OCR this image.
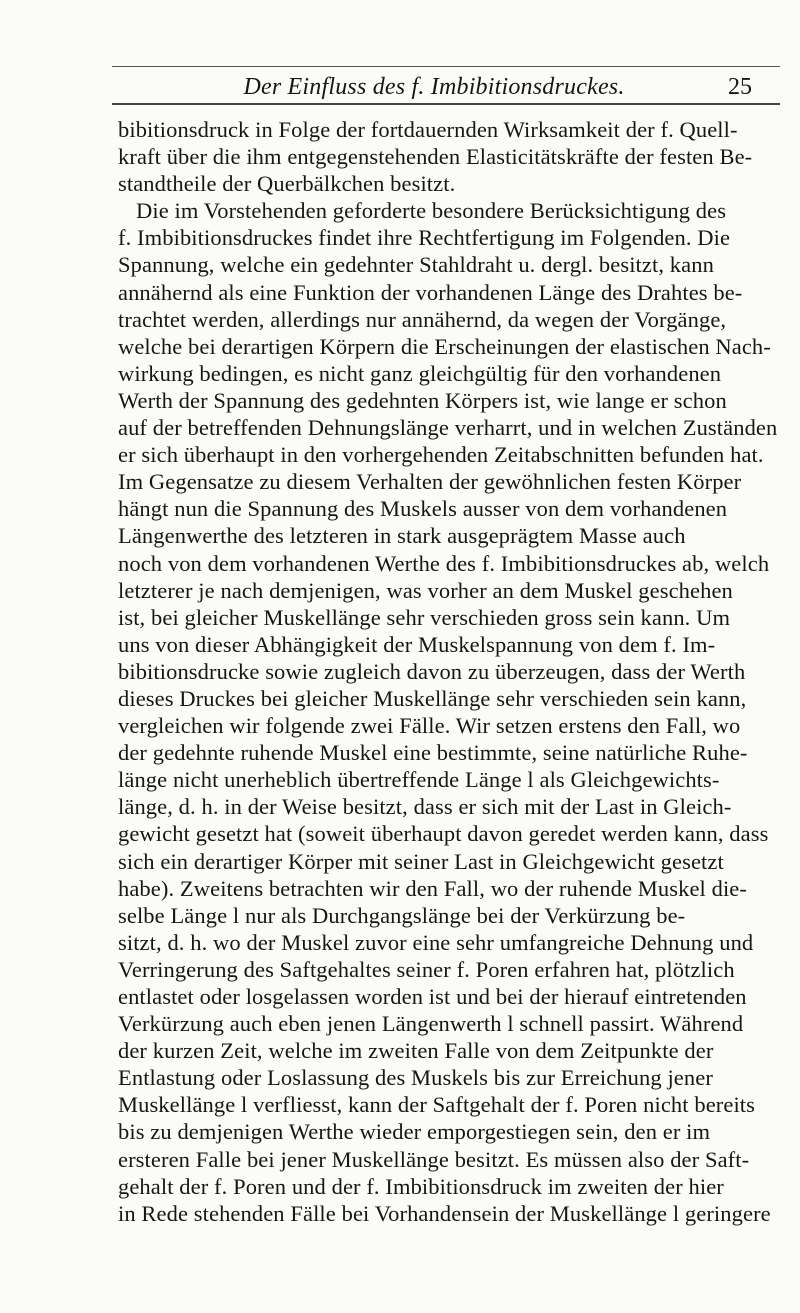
Der Einfluss des f. Imbibitionsdruckes.	25
bibitionsdruck in Folge der fortdauernden Wirksamkeit der f. Quell-
kraft über die ihm entgegenstehenden Elasticitätskräfte der festen Be-
standtheile der Querbälkchen besitzt.
Die im Vorstehenden geforderte besondere Berücksichtigung des
f. Imbibitionsdruckes findet ihre Rechtfertigung im Folgenden. Die
Spannung, welche ein gedehnter Stahldraht u. dergl. besitzt, kann
annähernd als eine Funktion der vorhandenen Länge des Drahtes be-
trachtet werden, allerdings nur annähernd, da wegen der Vorgänge,
welche bei derartigen Körpern die Erscheinungen der elastischen Nach-
wirkung bedingen, es nicht ganz gleichgültig für den vorhandenen
Werth der Spannung des gedehnten Körpers ist, wie lange er schon
auf der betreffenden Dehnungslänge verharrt, und in welchen Zuständen
er sich überhaupt in den vorhergehenden Zeitabschnitten befunden hat.
Im Gegensatze zu diesem Verhalten der gewöhnlichen festen Körper
hängt nun die Spannung des Muskels ausser von dem vorhandenen
Längenwerthe des letzteren in stark ausgeprägtem Masse auch
noch von dem vorhandenen Werthe des f. Imbibitionsdruckes ab, welch
letzterer je nach demjenigen, was vorher an dem Muskel geschehen
ist, bei gleicher Muskellänge sehr verschieden gross sein kann. Um
uns von dieser Abhängigkeit der Muskelspannung von dem f. Im-
bibitionsdrucke sowie zugleich davon zu überzeugen, dass der Werth
dieses Druckes bei gleicher Muskellänge sehr verschieden sein kann,
vergleichen wir folgende zwei Fälle. Wir setzen erstens den Fall, wo
der gedehnte ruhende Muskel eine bestimmte, seine natürliche Ruhe-
länge nicht unerheblich übertreffende Länge l als Gleichgewichts-
länge, d. h. in der Weise besitzt, dass er sich mit der Last in Gleich-
gewicht gesetzt hat (soweit überhaupt davon geredet werden kann, dass
sich ein derartiger Körper mit seiner Last in Gleichgewicht gesetzt
habe). Zweitens betrachten wir den Fall, wo der ruhende Muskel die-
selbe Länge l nur als Durchgangslänge bei der Verkürzung be-
sitzt, d. h. wo der Muskel zuvor eine sehr umfangreiche Dehnung und
Verringerung des Saftgehaltes seiner f. Poren erfahren hat, plötzlich
entlastet oder losgelassen worden ist und bei der hierauf eintretenden
Verkürzung auch eben jenen Längenwerth l schnell passirt. Während
der kurzen Zeit, welche im zweiten Falle von dem Zeitpunkte der
Entlastung oder Loslassung des Muskels bis zur Erreichung jener
Muskellänge l verfliesst, kann der Saftgehalt der f. Poren nicht bereits
bis zu demjenigen Werthe wieder emporgestiegen sein, den er im
ersteren Falle bei jener Muskellänge besitzt. Es müssen also der Saft-
gehalt der f. Poren und der f. Imbibitionsdruck im zweiten der hier
in Rede stehenden Fälle bei Vorhandensein der Muskellänge l geringere
